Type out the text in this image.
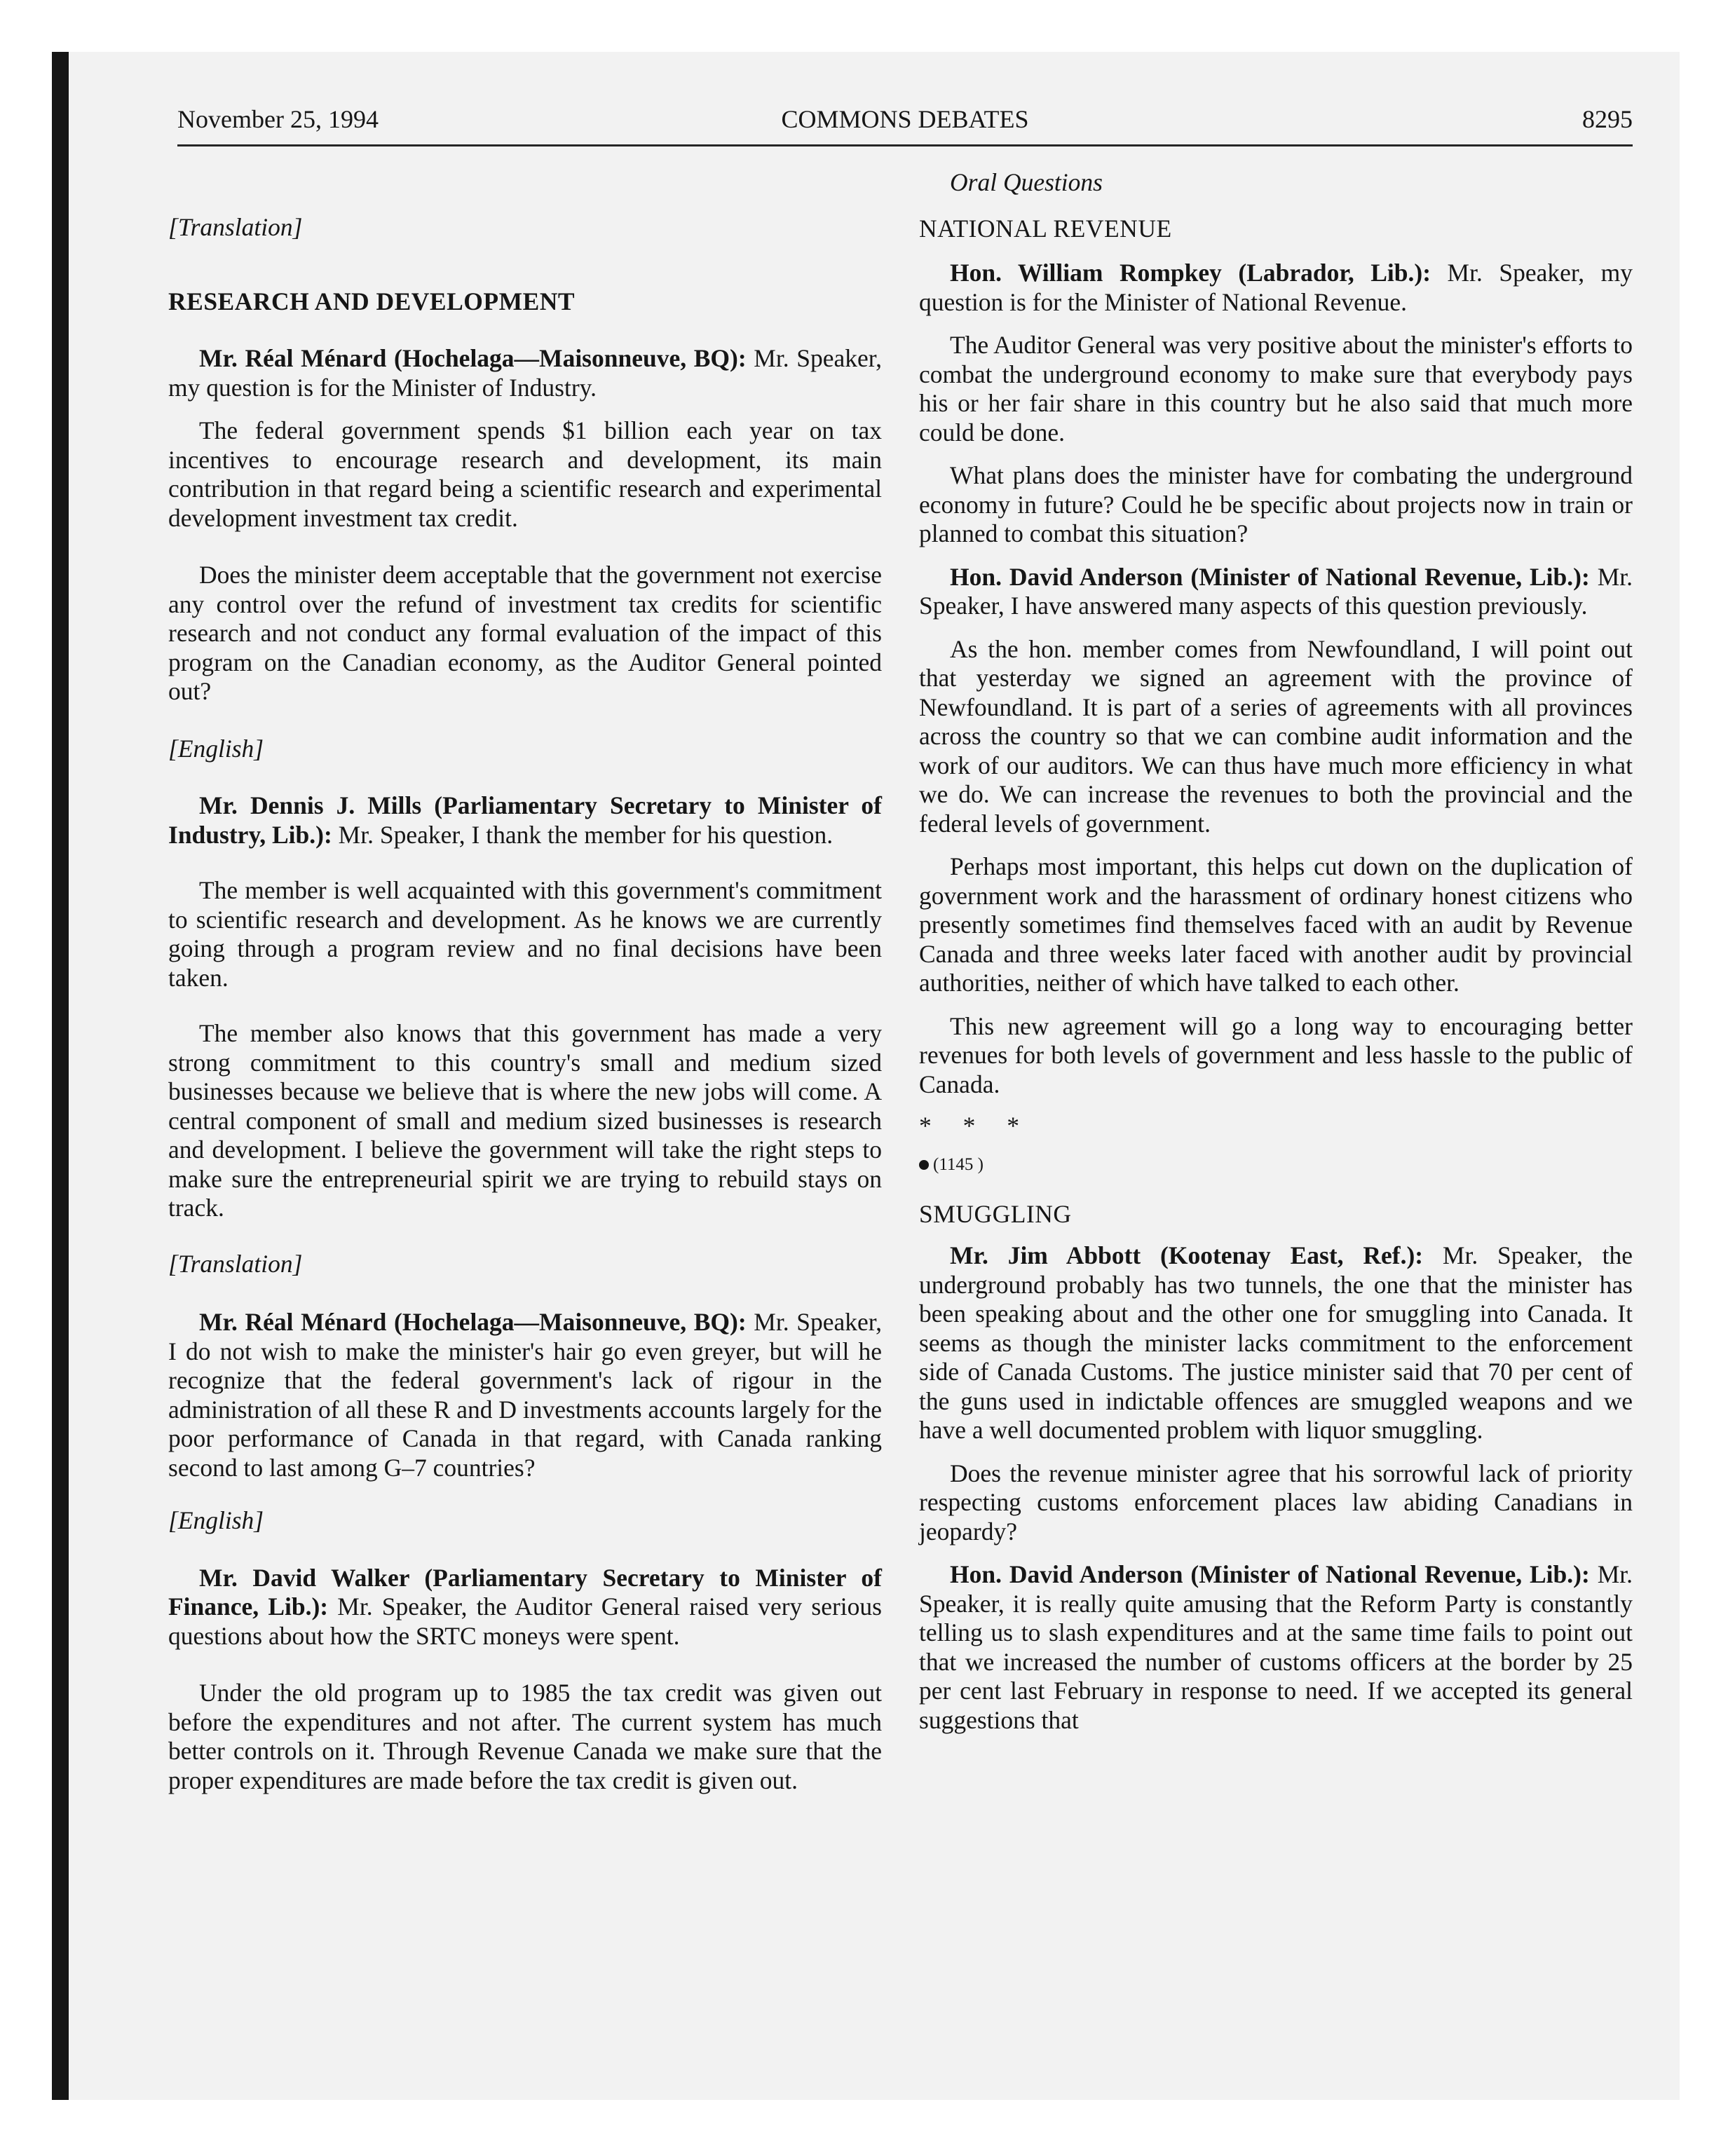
November 25, 1994	COMMONS DEBATES	8295

[Translation]

RESEARCH AND DEVELOPMENT

Mr. Réal Ménard (Hochelaga—Maisonneuve, BQ): Mr. Speaker, my question is for the Minister of Industry.

The federal government spends $1 billion each year on tax incentives to encourage research and development, its main contribution in that regard being a scientific research and experimental development investment tax credit.

Does the minister deem acceptable that the government not exercise any control over the refund of investment tax credits for scientific research and not conduct any formal evaluation of the impact of this program on the Canadian economy, as the Auditor General pointed out?

[English]

Mr. Dennis J. Mills (Parliamentary Secretary to Minister of Industry, Lib.): Mr. Speaker, I thank the member for his question.

The member is well acquainted with this government's commitment to scientific research and development. As he knows we are currently going through a program review and no final decisions have been taken.

The member also knows that this government has made a very strong commitment to this country's small and medium sized businesses because we believe that is where the new jobs will come. A central component of small and medium sized businesses is research and development. I believe the government will take the right steps to make sure the entrepreneurial spirit we are trying to rebuild stays on track.

[Translation]

Mr. Réal Ménard (Hochelaga—Maisonneuve, BQ): Mr. Speaker, I do not wish to make the minister's hair go even greyer, but will he recognize that the federal government's lack of rigour in the administration of all these R and D investments accounts largely for the poor performance of Canada in that regard, with Canada ranking second to last among G–7 countries?

[English]

Mr. David Walker (Parliamentary Secretary to Minister of Finance, Lib.): Mr. Speaker, the Auditor General raised very serious questions about how the SRTC moneys were spent.

Under the old program up to 1985 the tax credit was given out before the expenditures and not after. The current system has much better controls on it. Through Revenue Canada we make sure that the proper expenditures are made before the tax credit is given out.

Oral Questions

NATIONAL REVENUE

Hon. William Rompkey (Labrador, Lib.): Mr. Speaker, my question is for the Minister of National Revenue.

The Auditor General was very positive about the minister's efforts to combat the underground economy to make sure that everybody pays his or her fair share in this country but he also said that much more could be done.

What plans does the minister have for combating the underground economy in future? Could he be specific about projects now in train or planned to combat this situation?

Hon. David Anderson (Minister of National Revenue, Lib.): Mr. Speaker, I have answered many aspects of this question previously.

As the hon. member comes from Newfoundland, I will point out that yesterday we signed an agreement with the province of Newfoundland. It is part of a series of agreements with all provinces across the country so that we can combine audit information and the work of our auditors. We can thus have much more efficiency in what we do. We can increase the revenues to both the provincial and the federal levels of government.

Perhaps most important, this helps cut down on the duplication of government work and the harassment of ordinary honest citizens who presently sometimes find themselves faced with an audit by Revenue Canada and three weeks later faced with another audit by provincial authorities, neither of which have talked to each other.

This new agreement will go a long way to encouraging better revenues for both levels of government and less hassle to the public of Canada.

* * *

(1145 )

SMUGGLING

Mr. Jim Abbott (Kootenay East, Ref.): Mr. Speaker, the underground probably has two tunnels, the one that the minister has been speaking about and the other one for smuggling into Canada. It seems as though the minister lacks commitment to the enforcement side of Canada Customs. The justice minister said that 70 per cent of the guns used in indictable offences are smuggled weapons and we have a well documented problem with liquor smuggling.

Does the revenue minister agree that his sorrowful lack of priority respecting customs enforcement places law abiding Canadians in jeopardy?

Hon. David Anderson (Minister of National Revenue, Lib.): Mr. Speaker, it is really quite amusing that the Reform Party is constantly telling us to slash expenditures and at the same time fails to point out that we increased the number of customs officers at the border by 25 per cent last February in response to need. If we accepted its general suggestions that
